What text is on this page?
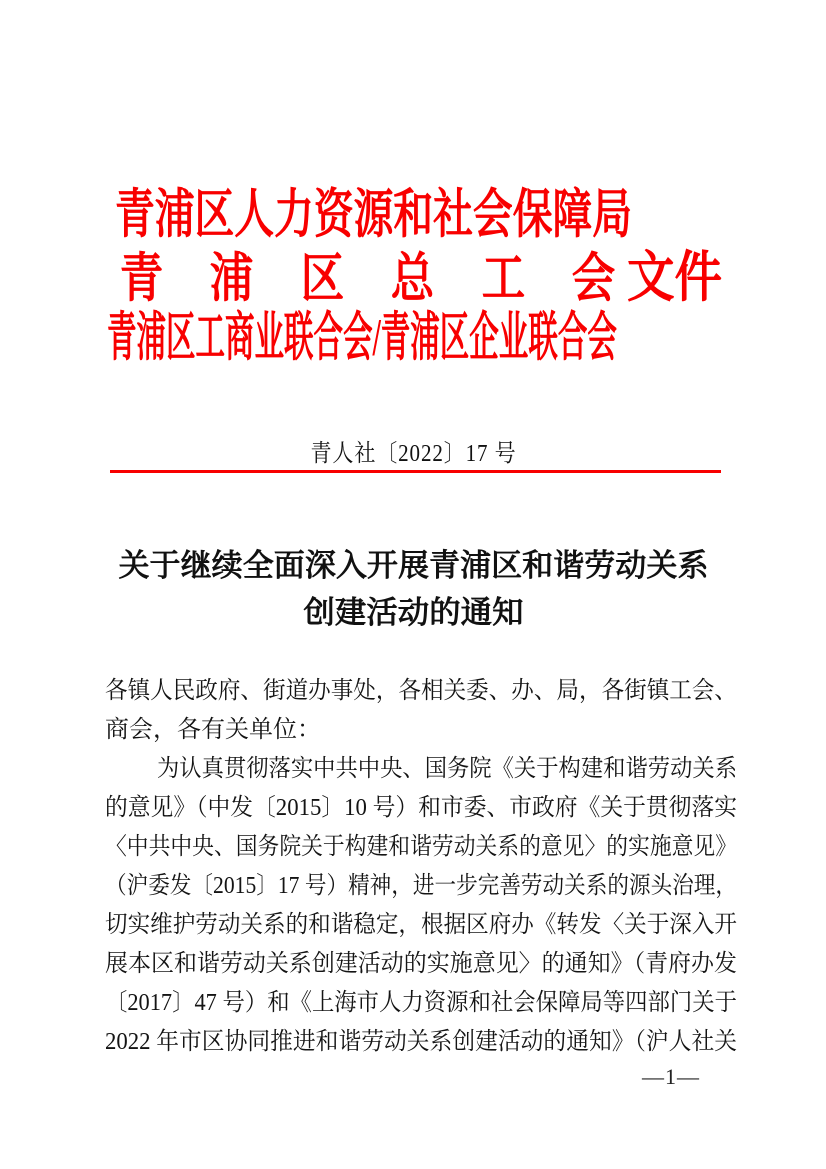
青浦区人力资源和社会保障局
青 浦 区 总 工 会 文件
青浦区工商业联合会/青浦区企业联合会
青人社〔2022〕17 号
关于继续全面深入开展青浦区和谐劳动关系
创建活动的通知
各镇人民政府、街道办事处，各相关委、办、局，各街镇工会、
商会，各有关单位：
为认真贯彻落实中共中央、国务院《关于构建和谐劳动关系
的意见》（中发〔2015〕10 号）和市委、市政府《关于贯彻落实
〈中共中央、国务院关于构建和谐劳动关系的意见〉的实施意见》
（沪委发〔2015〕17 号）精神，进一步完善劳动关系的源头治理，
切实维护劳动关系的和谐稳定，根据区府办《转发〈关于深入开
展本区和谐劳动关系创建活动的实施意见〉的通知》（青府办发
〔2017〕47 号）和《上海市人力资源和社会保障局等四部门关于
2022 年市区协同推进和谐劳动关系创建活动的通知》（沪人社关
—1—
